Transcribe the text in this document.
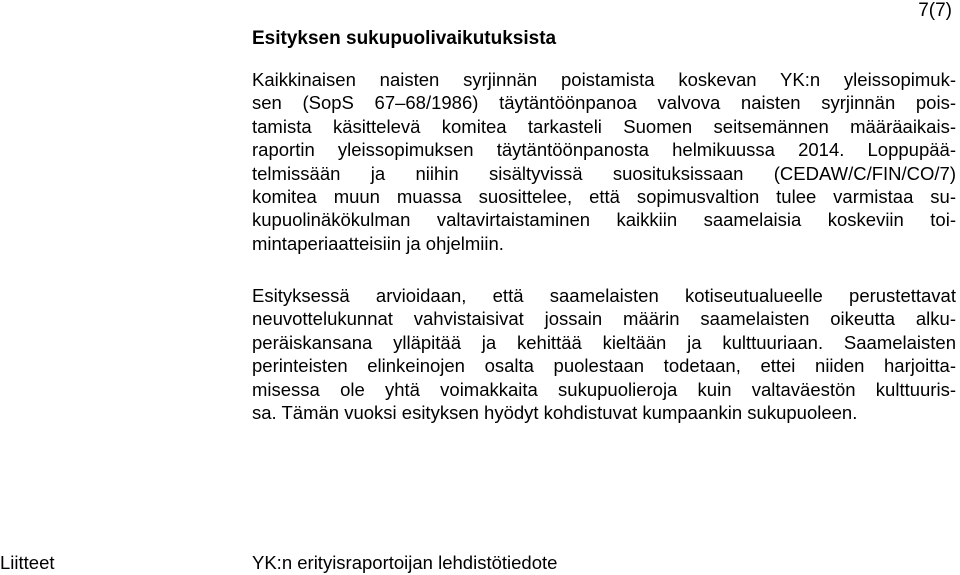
7(7)
Esityksen sukupuolivaikutuksista

Kaikkinaisen naisten syrjinnän poistamista koskevan YK:n yleissopimuk-
sen (SopS 67–68/1986) täytäntöönpanoa valvova naisten syrjinnän pois-
tamista käsittelevä komitea tarkasteli Suomen seitsemännen määräaikais-
raportin yleissopimuksen täytäntöönpanosta helmikuussa 2014. Loppupää-
telmissään ja niihin sisältyvissä suosituksissaan (CEDAW/C/FIN/CO/7)
komitea muun muassa suosittelee, että sopimusvaltion tulee varmistaa su-
kupuolinäkökulman valtavirtaistaminen kaikkiin saamelaisia koskeviin toi-
mintaperiaatteisiin ja ohjelmiin.

Esityksessä arvioidaan, että saamelaisten kotiseutualueelle perustettavat
neuvottelukunnat vahvistaisivat jossain määrin saamelaisten oikeutta alku-
peräiskansana ylläpitää ja kehittää kieltään ja kulttuuriaan. Saamelaisten
perinteisten elinkeinojen osalta puolestaan todetaan, ettei niiden harjoitta-
misessa ole yhtä voimakkaita sukupuolieroja kuin valtaväestön kulttuuris-
sa. Tämän vuoksi esityksen hyödyt kohdistuvat kumpaankin sukupuoleen.

Liitteet	YK:n erityisraportoijan lehdistötiedote
